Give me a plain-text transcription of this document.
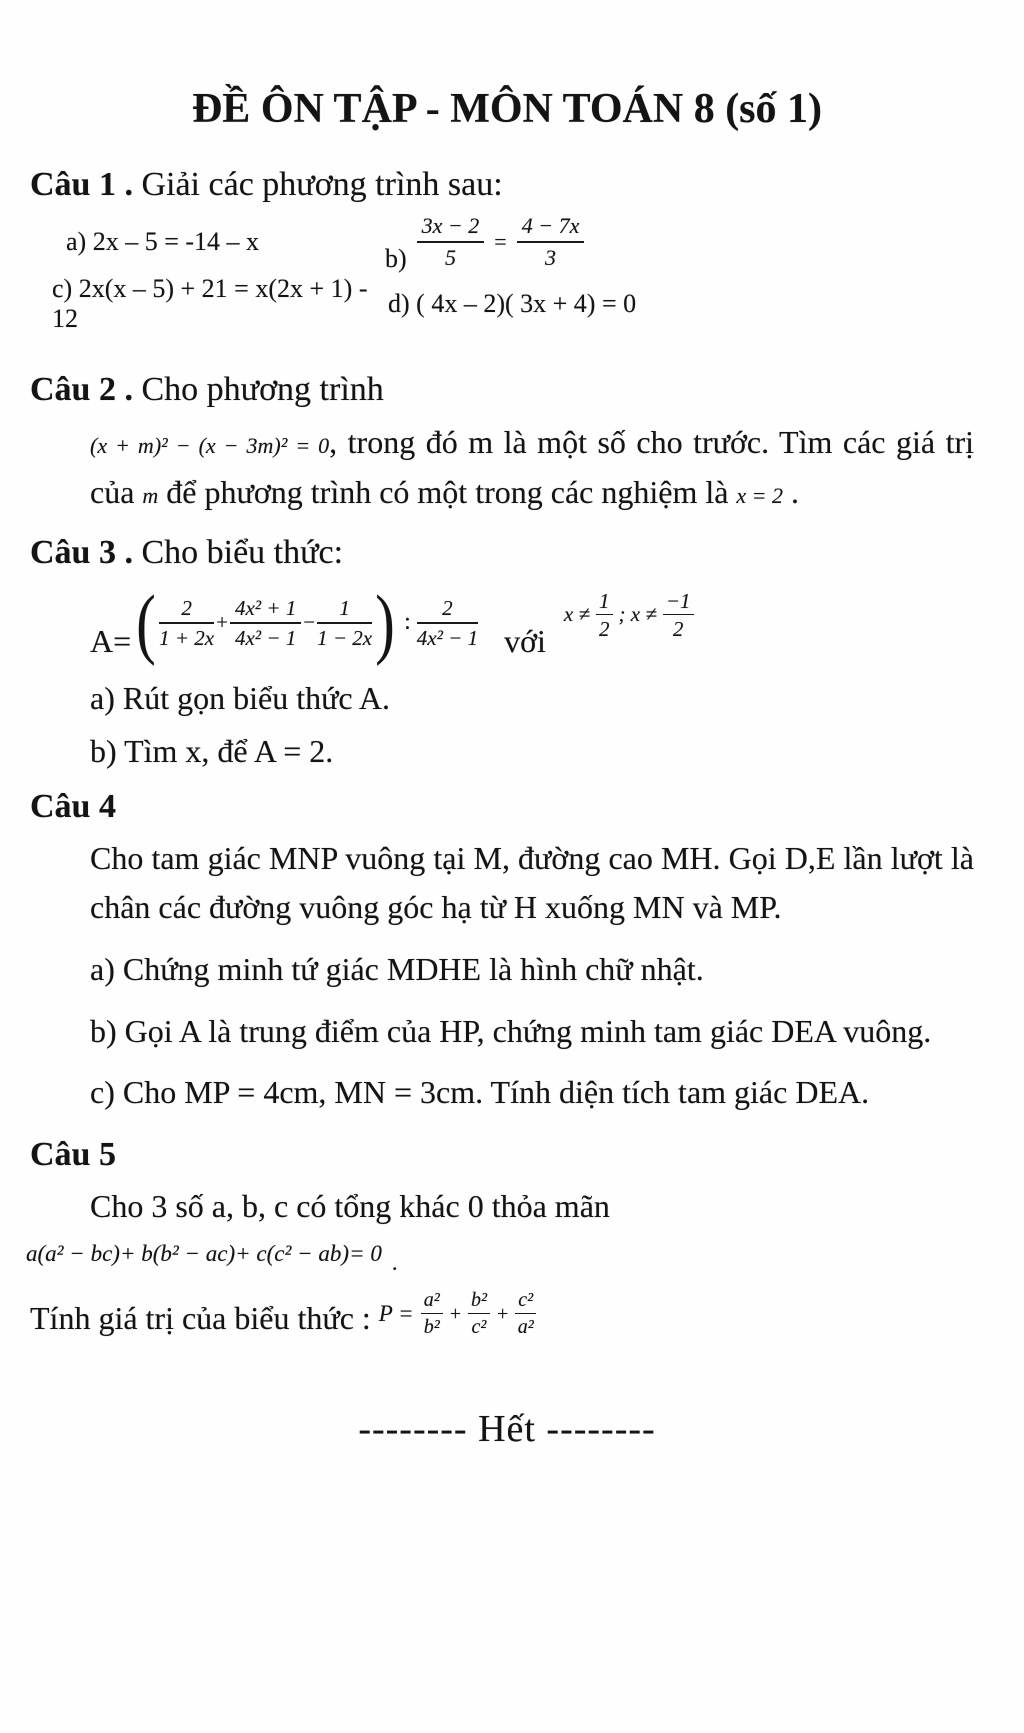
ĐỀ ÔN TẬP - MÔN TOÁN 8 (số 1)

Câu 1 . Giải các phương trình sau:

a) 2x – 5 = -14 – x
$b) \frac{3x - 2}{5} = \frac{4 - 7x}{3}$
c) 2x(x – 5) + 21 = x(2x + 1) - 12
d) ( 4x – 2)( 3x + 4) = 0

Câu 2 . Cho phương trình

(x + m)² − (x − 3m)² = 0, trong đó m là một số cho trước. Tìm các giá trị của m để phương trình có một trong các nghiệm là x = 2 .

Câu 3 . Cho biểu thức:

A= ( $\frac{2}{1 + 2x} + \frac{\text{4x² + 1}}{\text{4x² − 1}} - \frac{1}{1 - 2x}$ ) : $\frac{2}{\text{4x² − 1}}$ với
$x \ne \frac{1}{2}$ ; $x \ne \frac{-1}{2}$

a) Rút gọn biểu thức A.

b) Tìm x, để A = 2.

Câu 4

Cho tam giác MNP vuông tại M, đường cao MH. Gọi D,E lần lượt là chân các đường vuông góc hạ từ H xuống MN và MP.

a) Chứng minh tứ giác MDHE là hình chữ nhật.

b) Gọi A là trung điểm của HP, chứng minh tam giác DEA vuông.

c) Cho MP = 4cm, MN = 3cm. Tính diện tích tam giác DEA.

Câu 5

Cho 3 số a, b, c có tổng khác 0 thỏa mãn

a(a² − bc)+ b(b² − ac)+ c(c² − ab)= 0 .

Tính giá trị của biểu thức : $P = \frac{\text{a²}}{\text{b²}} + \frac{\text{b²}}{\text{c²}} + \frac{\text{c²}}{\text{a²}}$

-------- Hết --------
